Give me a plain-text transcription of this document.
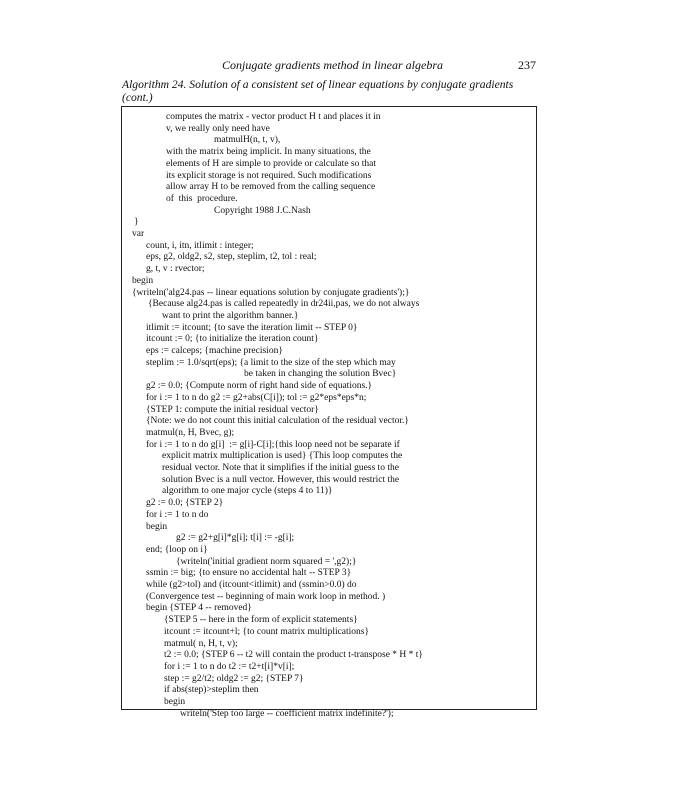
Conjugate gradients method in linear algebra	237
Algorithm 24. Solution of a consistent set of linear equations by conjugate gradients
(cont.)
computes the matrix - vector product H t and places it in
v, we really only need have
matmulH(n, t, v),
with the matrix being implicit. In many situations, the
elements of H are simple to provide or calculate so that
its explicit storage is not required. Such modifications
allow array H to be removed from the calling sequence
of  this  procedure.
Copyright 1988 J.C.Nash
}
var
count, i, itn, itlimit : integer;
eps, g2, oldg2, s2, step, steplim, t2, tol : real;
g, t, v : rvector;
begin
{writeln('alg24.pas -- linear equations solution by conjugate gradients');}
{Because alg24.pas is called repeatedly in dr24ii,pas, we do not always
want to print the algorithm banner.}
itlimit := itcount; {to save the iteration limit -- STEP 0}
itcount := 0; {to initialize the iteration count}
eps := calceps; {machine precision}
steplim := 1.0/sqrt(eps); {a limit to the size of the step which may
be taken in changing the solution Bvec}
g2 := 0.0; {Compute norm of right hand side of equations.}
for i := 1 to n do g2 := g2+abs(C[i]); tol := g2*eps*eps*n;
{STEP 1: compute the initial residual vector}
{Note: we do not count this initial calculation of the residual vector.}
matmul(n, H, Bvec, g);
for i := 1 to n do g[i]  := g[i]-C[i];{this loop need not be separate if
explicit matrix multiplication is used} {This loop computes the
residual vector. Note that it simplifies if the initial guess to the
solution Bvec is a null vector. However, this would restrict the
algorithm to one major cycle (steps 4 to 11)}
g2 := 0.0; {STEP 2}
for i := 1 to n do
begin
g2 := g2+g[i]*g[i]; t[i] := -g[i];
end; {loop on i}
{writeln('initial gradient norm squared = ',g2);}
ssmin := big; {to ensure no accidental halt -- STEP 3}
while (g2>tol) and (itcount<itlimit) and (ssmin>0.0) do
(Convergence test -- beginning of main work loop in method. )
begin {STEP 4 -- removed}
{STEP 5 -- here in the form of explicit statements}
itcount := itcount+l; {to count matrix multiplications}
matmul( n, H, t, v);
t2 := 0.0; {STEP 6 -- t2 will contain the product t-transpose * H * t}
for i := 1 to n do t2 := t2+t[i]*v[i];
step := g2/t2; oldg2 := g2; {STEP 7}
if abs(step)>steplim then
begin
writeln('Step too large -- coefficient matrix indefinite?');
